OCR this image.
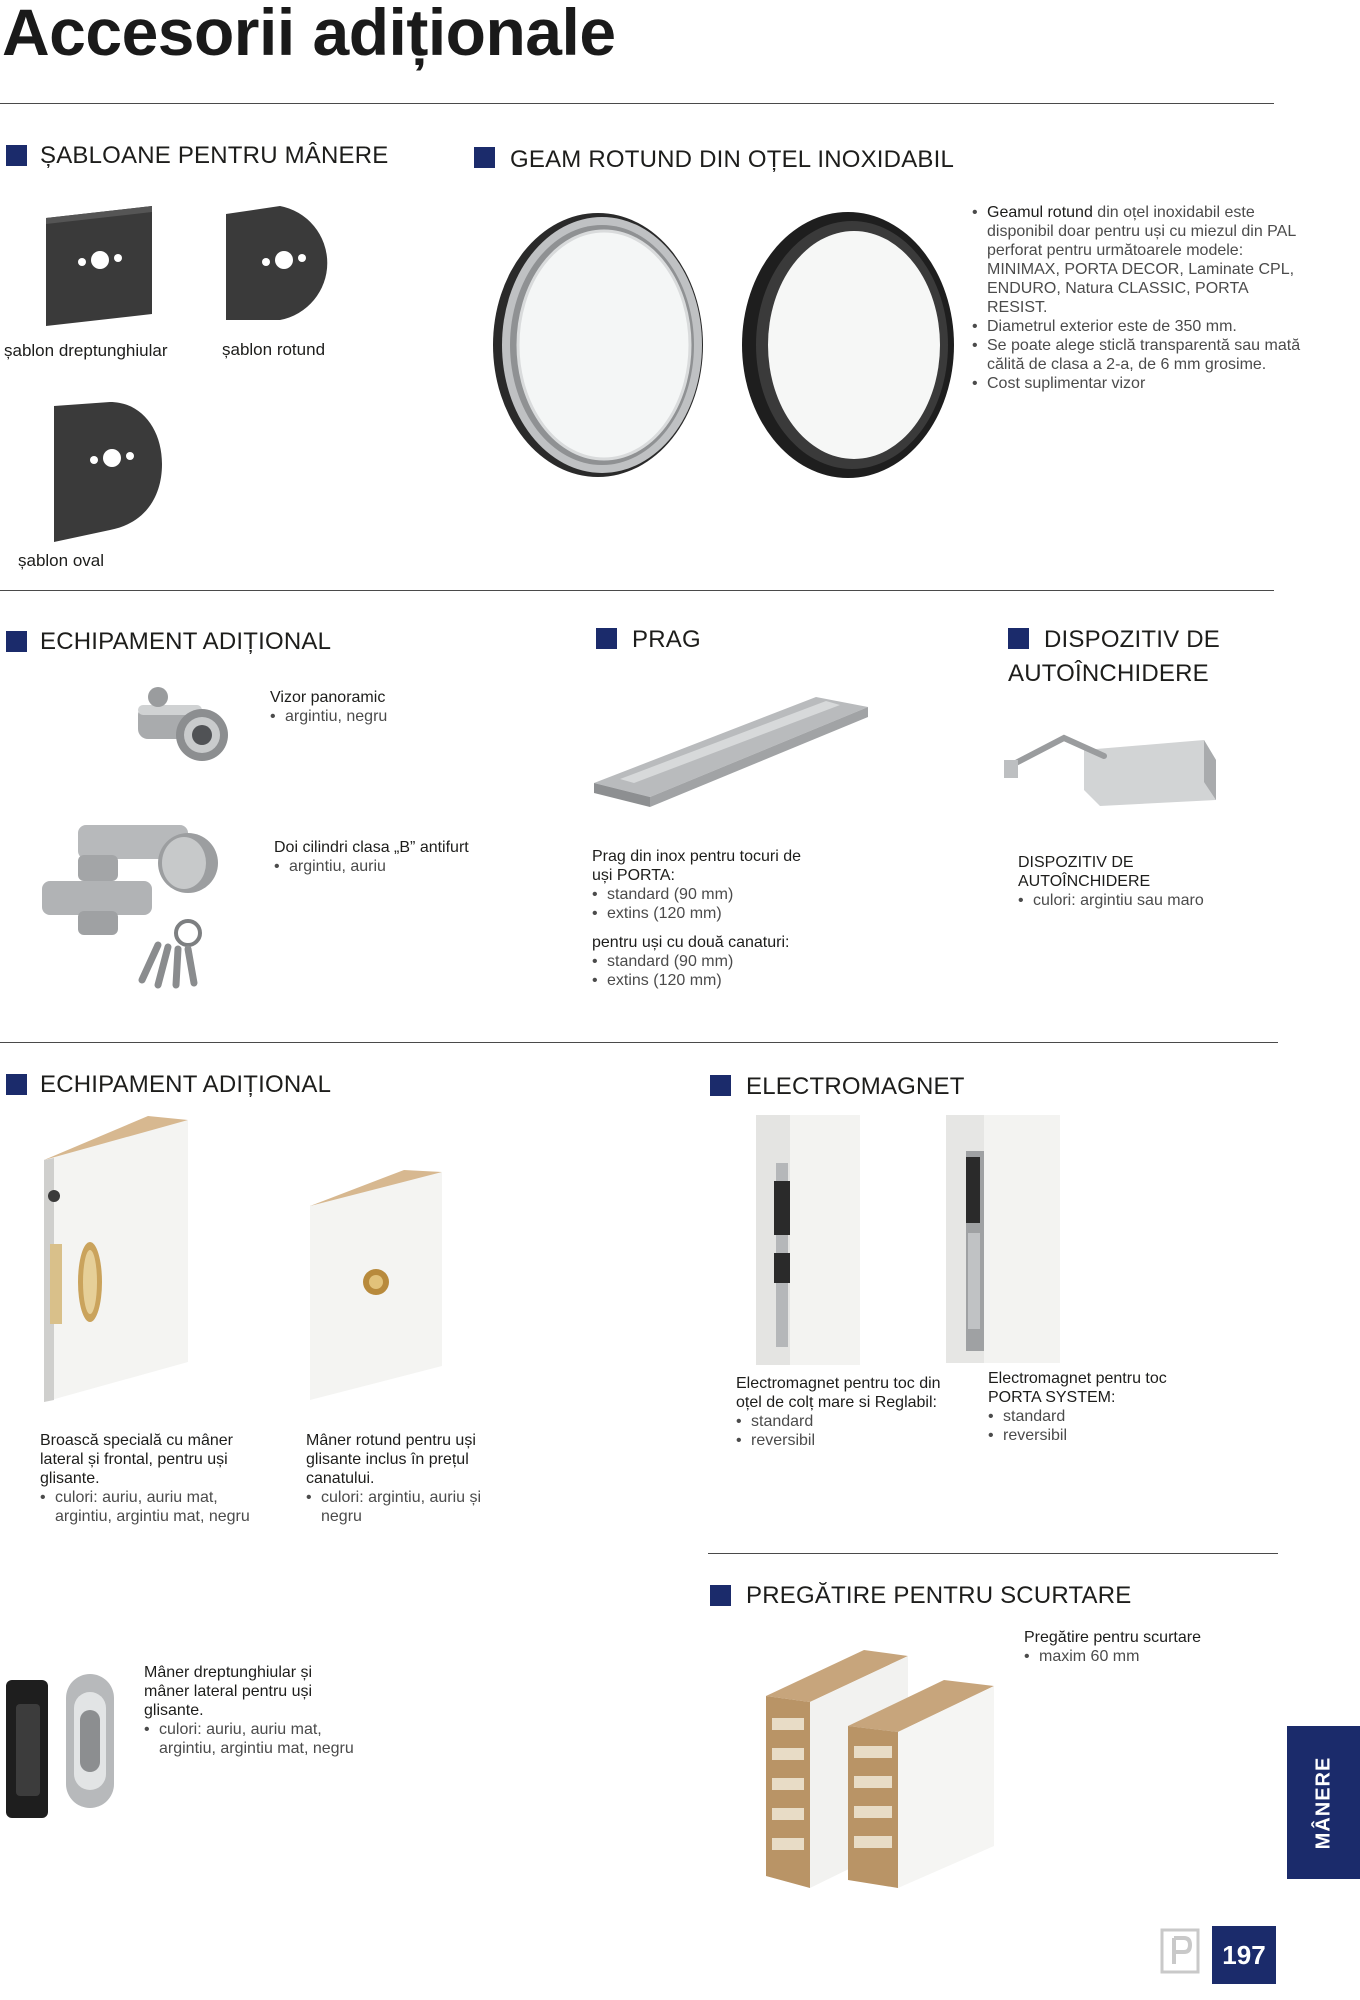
Accesorii adiționale
ȘABLOANE PENTRU MÂNERE
șablon dreptunghiular	șablon rotund
șablon oval
GEAM ROTUND DIN OȚEL INOXIDABIL
• Geamul rotund din oțel inoxidabil este disponibil doar pentru uși cu miezul din PAL perforat pentru următoarele modele: MINIMAX, PORTA DECOR, Laminate CPL, ENDURO, Natura CLASSIC, PORTA RESIST.
• Diametrul exterior este de 350 mm.
• Se poate alege sticlă transparentă sau mată călită de clasa a 2-a, de 6 mm grosime.
• Cost suplimentar vizor
ECHIPAMENT ADIȚIONAL
Vizor panoramic
• argintiu, negru
Doi cilindri clasa „B” antifurt
• argintiu, auriu
PRAG
Prag din inox pentru tocuri de uși PORTA:
• standard (90 mm)
• extins (120 mm)
pentru uși cu două canaturi:
• standard (90 mm)
• extins (120 mm)
DISPOZITIV DE
AUTOÎNCHIDERE
DISPOZITIV DE
AUTOÎNCHIDERE
• culori: argintiu sau maro
ECHIPAMENT ADIȚIONAL
Broască specială cu mâner lateral și frontal, pentru uși glisante.
• culori: auriu, auriu mat, argintiu, argintiu mat, negru
Mâner rotund pentru uși glisante inclus în prețul canatului.
• culori: argintiu, auriu și negru
Mâner dreptunghiular și mâner lateral pentru uși glisante.
• culori: auriu, auriu mat, argintiu, argintiu mat, negru
ELECTROMAGNET
Electromagnet pentru toc din oțel de colț mare si Reglabil:
• standard
• reversibil
Electromagnet pentru toc PORTA SYSTEM:
• standard
• reversibil
PREGĂTIRE PENTRU SCURTARE
Pregătire pentru scurtare
• maxim 60 mm
MÂNERE
197
